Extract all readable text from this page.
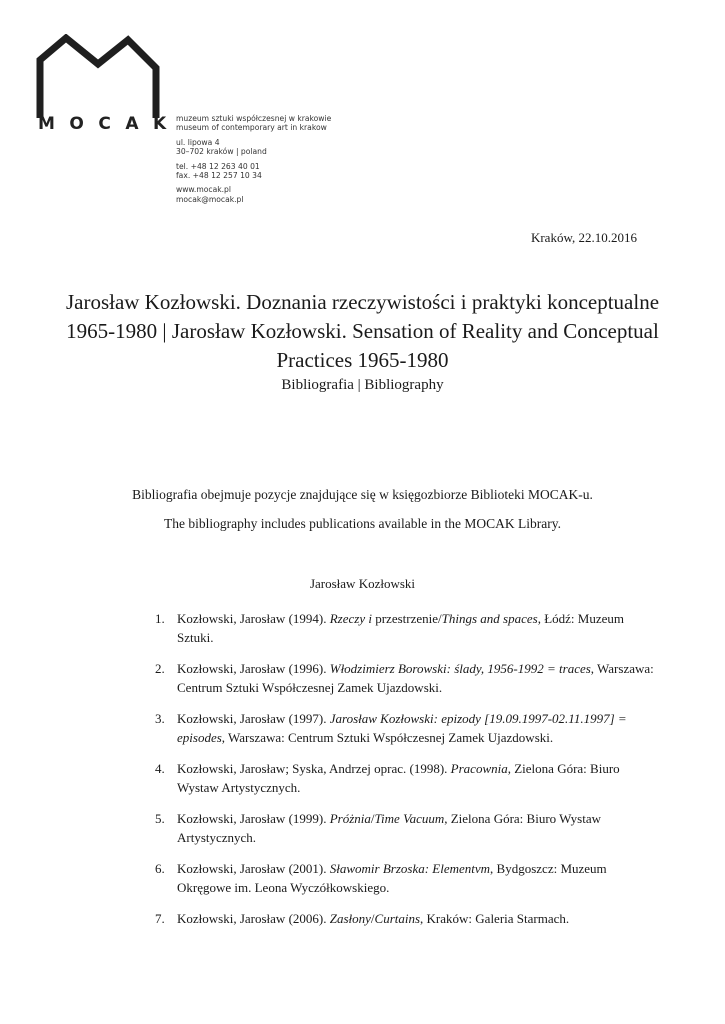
MOCAK
muzeum sztuki współczesnej w krakowie
museum of contemporary art in krakow
ul. lipowa 4
30–702 kraków | poland
tel. +48 12 263 40 01
fax. +48 12 257 10 34
www.mocak.pl
mocak@mocak.pl
Kraków, 22.10.2016
Jarosław Kozłowski. Doznania rzeczywistości i praktyki konceptualne 1965-1980 | Jarosław Kozłowski. Sensation of Reality and Conceptual Practices 1965-1980
Bibliografia | Bibliography
Bibliografia obejmuje pozycje znajdujące się w księgozbiorze Biblioteki MOCAK-u.
The bibliography includes publications available in the MOCAK Library.
Jarosław Kozłowski
1. Kozłowski, Jarosław (1994). Rzeczy i przestrzenie/Things and spaces, Łódź: Muzeum Sztuki.
2. Kozłowski, Jarosław (1996). Włodzimierz Borowski: ślady, 1956-1992 = traces, Warszawa: Centrum Sztuki Współczesnej Zamek Ujazdowski.
3. Kozłowski, Jarosław (1997). Jarosław Kozłowski: epizody [19.09.1997-02.11.1997] = episodes, Warszawa: Centrum Sztuki Współczesnej Zamek Ujazdowski.
4. Kozłowski, Jarosław; Syska, Andrzej oprac. (1998). Pracownia, Zielona Góra: Biuro Wystaw Artystycznych.
5. Kozłowski, Jarosław (1999). Próżnia/Time Vacuum, Zielona Góra: Biuro Wystaw Artystycznych.
6. Kozłowski, Jarosław (2001). Sławomir Brzoska: Elementvm, Bydgoszcz: Muzeum Okręgowe im. Leona Wyczółkowskiego.
7. Kozłowski, Jarosław (2006). Zasłony/Curtains, Kraków: Galeria Starmach.
